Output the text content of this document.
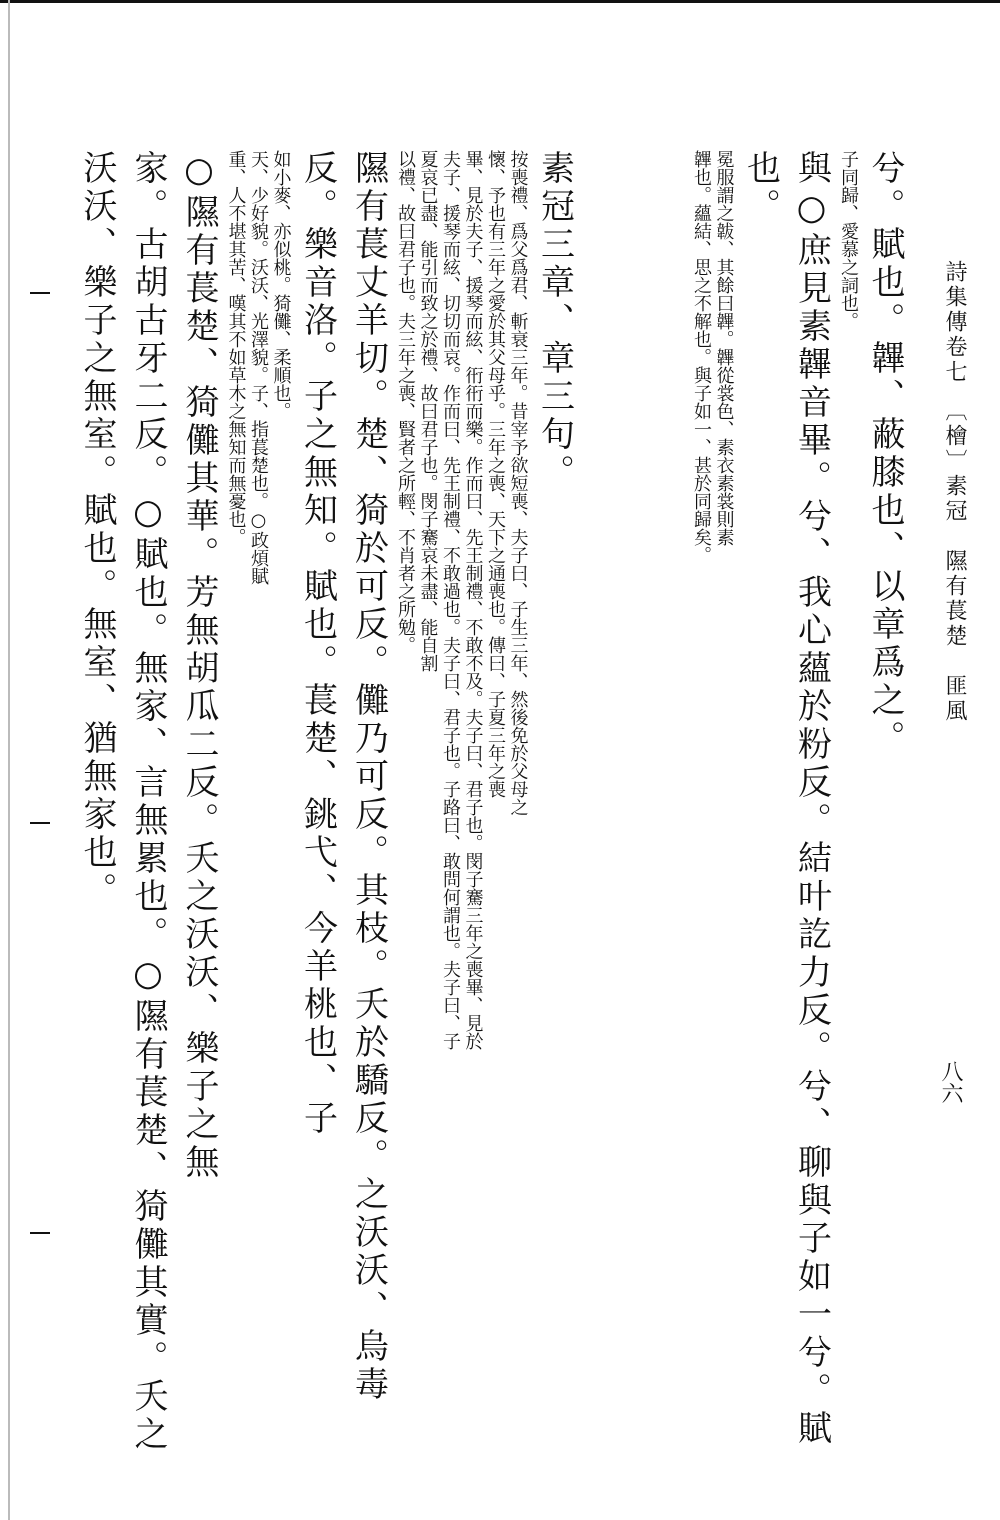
詩集傳卷七　〔檜〕素冠　隰有萇楚　匪風
八六
兮。賦也。韠、蔽膝也、以章爲之。
子同歸、愛慕之詞也。
與○庶見素韠音畢。兮、我心蘊於粉反。結叶訖力反。兮、聊與子如一兮。賦也。
冕服謂之韍、其餘曰韠。韠從裳色、素衣素裳則素
韠也。蘊結、思之不解也。與子如一、甚於同歸矣。
素冠三章、章三句。
按喪禮、爲父爲君、斬衰三年。昔宰予欲短喪、夫子曰、子生三年、然後免於父母之
懷、予也有三年之愛於其父母乎。三年之喪、天下之通喪也。傳曰、子夏三年之喪
畢、見於夫子、援琴而絃、衎衎而樂。作而曰、先王制禮、不敢不及。夫子曰、君子也。閔子騫三年之喪畢、見於
夫子、援琴而絃、切切而哀。作而曰、先王制禮、不敢過也。夫子曰、君子也。子路曰、敢問何謂也。夫子曰、子
夏哀已盡、能引而致之於禮、故曰君子也。閔子騫哀未盡、能自割
以禮、故曰君子也。夫三年之喪、賢者之所輕、不肖者之所勉。
隰有萇丈羊切。楚、猗於可反。儺乃可反。其枝。夭於驕反。之沃沃、烏毒反。樂音洛。子之無知。賦也。萇楚、銚弋、今羊桃也、子
如小麥、亦似桃。猗儺、柔順也。
天、少好貌。沃沃、光澤貌。子、指萇楚也。○政煩賦
重、人不堪其苦、嘆其不如草木之無知而無憂也。
○隰有萇楚、猗儺其華。芳無胡瓜二反。夭之沃沃、樂子之無
家。古胡古牙二反。○賦也。無家、言無累也。○隰有萇楚、猗儺其實。夭之沃沃、樂子之無室。賦也。無室、猶無家也。
